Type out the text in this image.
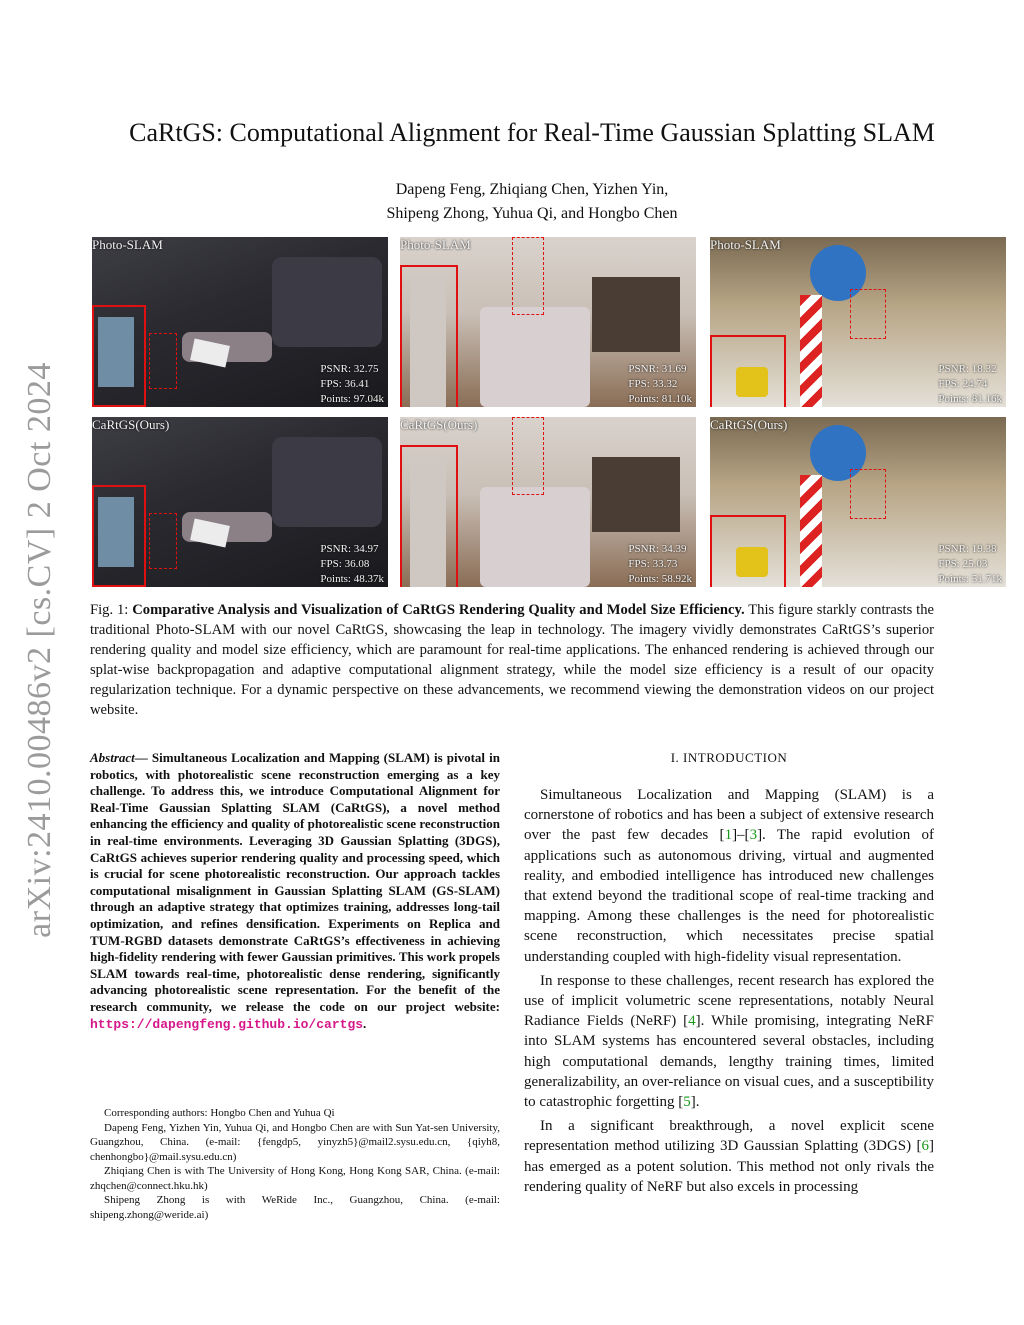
arXiv:2410.00486v2 [cs.CV] 2 Oct 2024
CaRtGS: Computational Alignment for Real-Time Gaussian Splatting SLAM
Dapeng Feng, Zhiqiang Chen, Yizhen Yin,
Shipeng Zhong, Yuhua Qi, and Hongbo Chen
Photo-SLAM
PSNR: 32.75
FPS: 36.41
Points: 97.04k
Photo-SLAM
PSNR: 31.69
FPS: 33.32
Points: 81.10k
Photo-SLAM
PSNR: 18.32
FPS: 24.74
Points: 81.16k
CaRtGS(Ours)
PSNR: 34.97
FPS: 36.08
Points: 48.37k
CaRtGS(Ours)
PSNR: 34.39
FPS: 33.73
Points: 58.92k
CaRtGS(Ours)
PSNR: 19.38
FPS: 25.03
Points: 51.71k
Fig. 1: Comparative Analysis and Visualization of CaRtGS Rendering Quality and Model Size Efficiency. This figure starkly contrasts the traditional Photo-SLAM with our novel CaRtGS, showcasing the leap in technology. The imagery vividly demonstrates CaRtGS’s superior rendering quality and model size efficiency, which are paramount for real-time applications. The enhanced rendering is achieved through our splat-wise backpropagation and adaptive computational alignment strategy, while the model size efficiency is a result of our opacity regularization technique. For a dynamic perspective on these advancements, we recommend viewing the demonstration videos on our project website.
Abstract— Simultaneous Localization and Mapping (SLAM) is pivotal in robotics, with photorealistic scene reconstruction emerging as a key challenge. To address this, we introduce Computational Alignment for Real-Time Gaussian Splatting SLAM (CaRtGS), a novel method enhancing the efficiency and quality of photorealistic scene reconstruction in real-time environments. Leveraging 3D Gaussian Splatting (3DGS), CaRtGS achieves superior rendering quality and processing speed, which is crucial for scene photorealistic reconstruction. Our approach tackles computational misalignment in Gaussian Splatting SLAM (GS-SLAM) through an adaptive strategy that optimizes training, addresses long-tail optimization, and refines densification. Experiments on Replica and TUM-RGBD datasets demonstrate CaRtGS’s effectiveness in achieving high-fidelity rendering with fewer Gaussian primitives. This work propels SLAM towards real-time, photorealistic dense rendering, significantly advancing photorealistic scene representation. For the benefit of the research community, we release the code on our project website: https://dapengfeng.github.io/cartgs.

Corresponding authors: Hongbo Chen and Yuhua Qi

Dapeng Feng, Yizhen Yin, Yuhua Qi, and Hongbo Chen are with Sun Yat-sen University, Guangzhou, China. (e-mail: {fengdp5, yinyzh5}@mail2.sysu.edu.cn, {qiyh8, chenhongbo}@mail.sysu.edu.cn)

Zhiqiang Chen is with The University of Hong Kong, Hong Kong SAR, China. (e-mail: zhqchen@connect.hku.hk)

Shipeng Zhong is with WeRide Inc., Guangzhou, China. (e-mail: shipeng.zhong@weride.ai)

I. INTRODUCTION

Simultaneous Localization and Mapping (SLAM) is a cornerstone of robotics and has been a subject of extensive research over the past few decades [1]–[3]. The rapid evolution of applications such as autonomous driving, virtual and augmented reality, and embodied intelligence has introduced new challenges that extend beyond the traditional scope of real-time tracking and mapping. Among these challenges is the need for photorealistic scene reconstruction, which necessitates precise spatial understanding coupled with high-fidelity visual representation.

In response to these challenges, recent research has explored the use of implicit volumetric scene representations, notably Neural Radiance Fields (NeRF) [4]. While promising, integrating NeRF into SLAM systems has encountered several obstacles, including high computational demands, lengthy training times, limited generalizability, an over-reliance on visual cues, and a susceptibility to catastrophic forgetting [5].

In a significant breakthrough, a novel explicit scene representation method utilizing 3D Gaussian Splatting (3DGS) [6] has emerged as a potent solution. This method not only rivals the rendering quality of NeRF but also excels in processing
